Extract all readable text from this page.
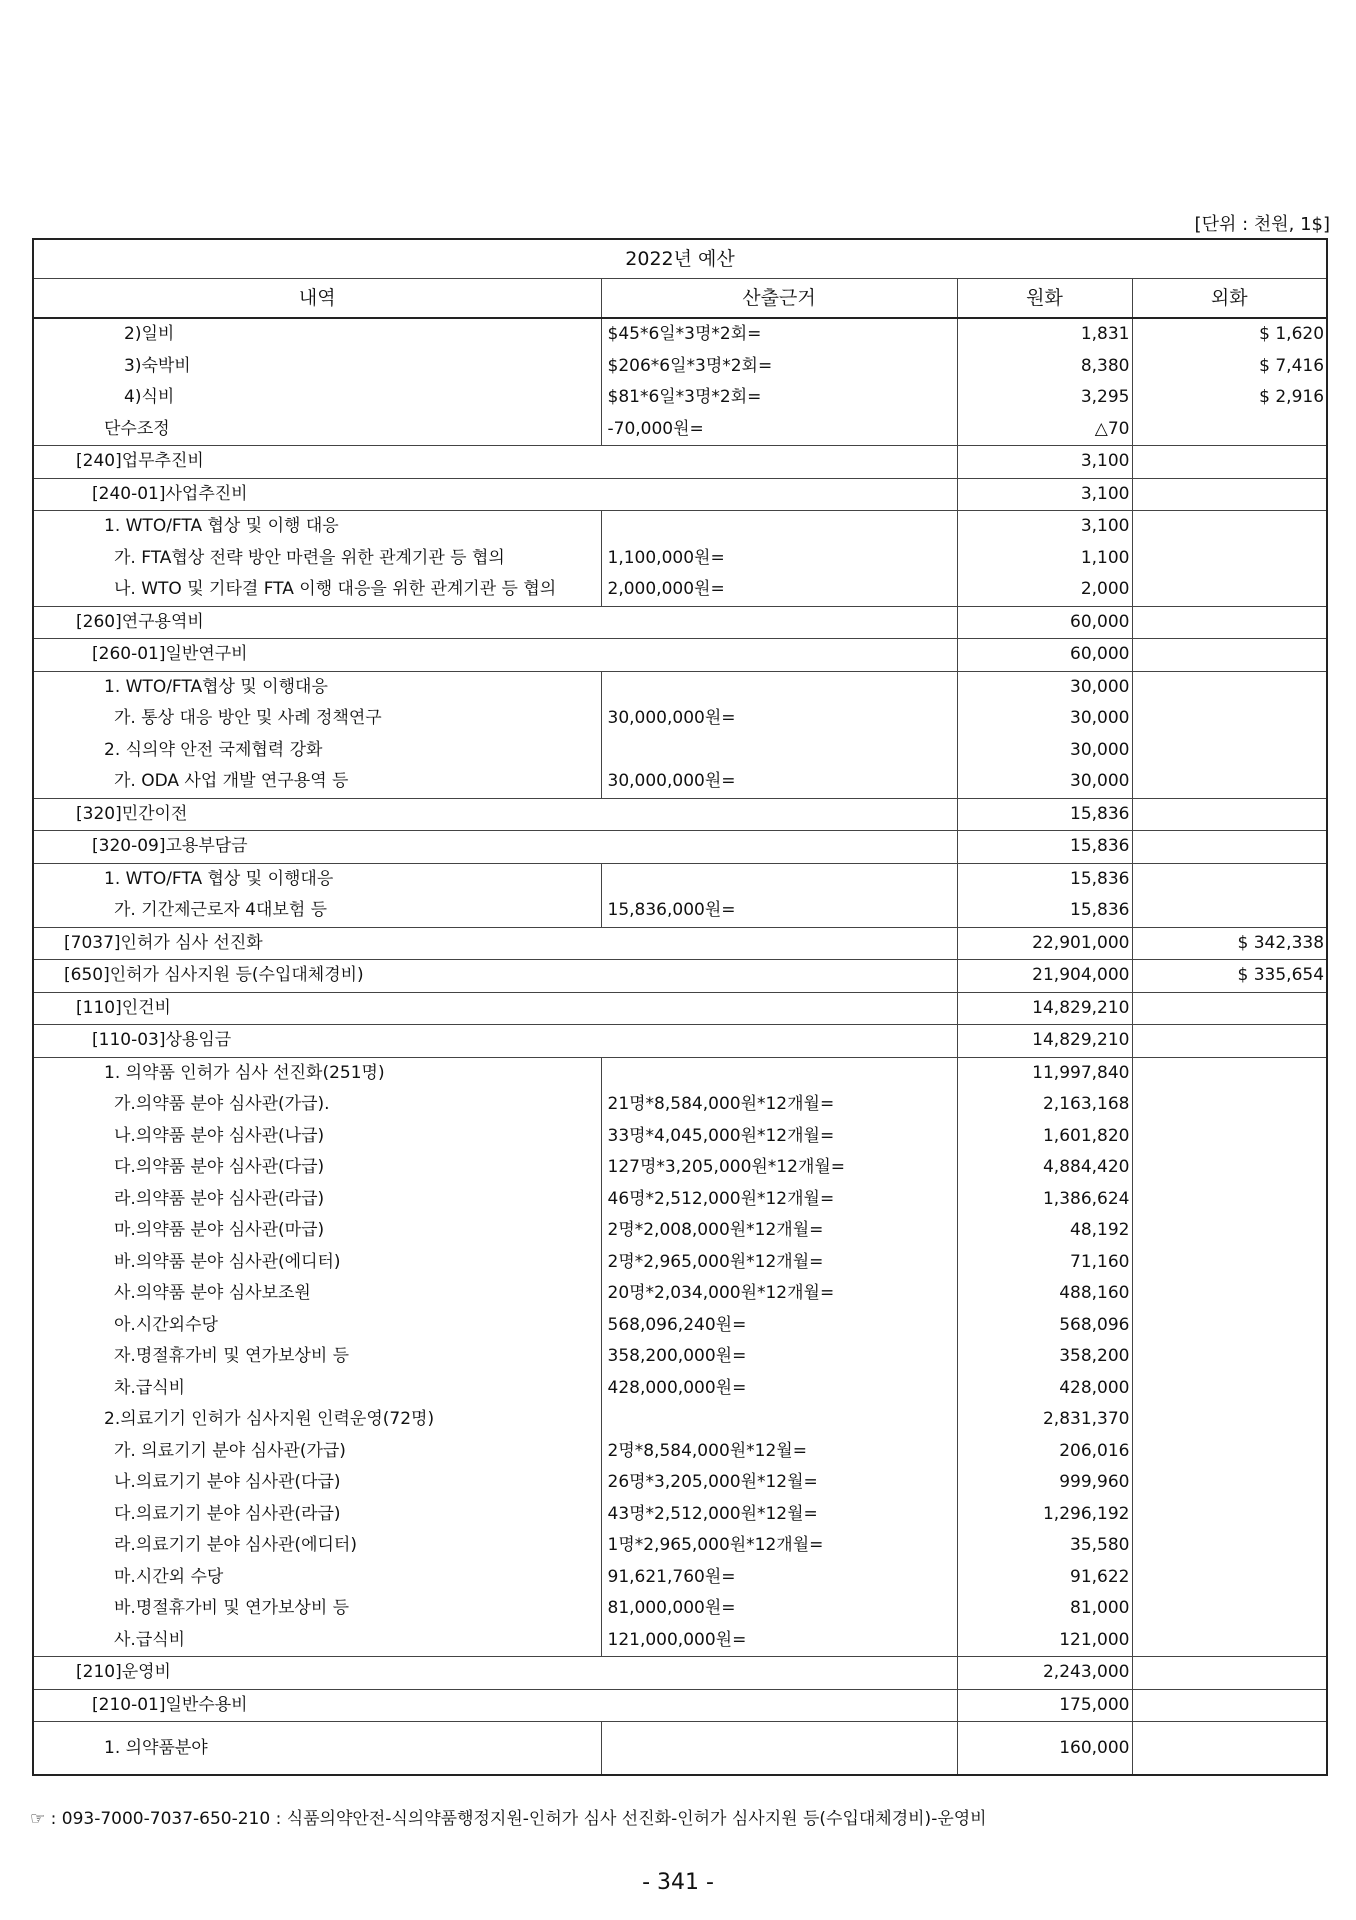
[단위 : 천원, 1$]
2022년 예산			
내역	산출근거	원화	외화
2)일비	$45*6일*3명*2회=	1,831	$ 1,620
3)숙박비	$206*6일*3명*2회=	8,380	$ 7,416
4)식비	$81*6일*3명*2회=	3,295	$ 2,916
단수조정	-70,000원=	△70	
[240]업무추진비		3,100	
[240-01]사업추진비		3,100	
1. WTO/FTA 협상 및 이행 대응		3,100	
가. FTA협상 전략 방안 마련을 위한 관계기관 등 협의	1,100,000원=	1,100	
나. WTO 및 기타결 FTA 이행 대응을 위한 관계기관 등 협의	2,000,000원=	2,000	
[260]연구용역비		60,000	
[260-01]일반연구비		60,000	
1. WTO/FTA협상 및 이행대응		30,000	
가. 통상 대응 방안 및 사례 정책연구	30,000,000원=	30,000	
2. 식의약 안전 국제협력 강화		30,000	
가. ODA 사업 개발 연구용역 등	30,000,000원=	30,000	
[320]민간이전		15,836	
[320-09]고용부담금		15,836	
1. WTO/FTA 협상 및 이행대응		15,836	
가. 기간제근로자 4대보험 등	15,836,000원=	15,836	
[7037]인허가 심사 선진화		22,901,000	$ 342,338
[650]인허가 심사지원 등(수입대체경비)		21,904,000	$ 335,654
[110]인건비		14,829,210	
[110-03]상용임금		14,829,210	
1. 의약품 인허가 심사 선진화(251명)		11,997,840	
가.의약품 분야 심사관(가급).	21명*8,584,000원*12개월=	2,163,168	
나.의약품 분야 심사관(나급)	33명*4,045,000원*12개월=	1,601,820	
다.의약품 분야 심사관(다급)	127명*3,205,000원*12개월=	4,884,420	
라.의약품 분야 심사관(라급)	46명*2,512,000원*12개월=	1,386,624	
마.의약품 분야 심사관(마급)	2명*2,008,000원*12개월=	48,192	
바.의약품 분야 심사관(에디터)	2명*2,965,000원*12개월=	71,160	
사.의약품 분야 심사보조원	20명*2,034,000원*12개월=	488,160	
아.시간외수당	568,096,240원=	568,096	
자.명절휴가비 및 연가보상비 등	358,200,000원=	358,200	
차.급식비	428,000,000원=	428,000	
2.의료기기 인허가 심사지원 인력운영(72명)		2,831,370	
가. 의료기기 분야 심사관(가급)	2명*8,584,000원*12월=	206,016	
나.의료기기 분야 심사관(다급)	26명*3,205,000원*12월=	999,960	
다.의료기기 분야 심사관(라급)	43명*2,512,000원*12월=	1,296,192	
라.의료기기 분야 심사관(에디터)	1명*2,965,000원*12개월=	35,580	
마.시간외 수당	91,621,760원=	91,622	
바.명절휴가비 및 연가보상비 등	81,000,000원=	81,000	
사.급식비	121,000,000원=	121,000	
[210]운영비		2,243,000	
[210-01]일반수용비		175,000	
1. 의약품분야		160,000	
☞ : 093-7000-7037-650-210 : 식품의약안전-식의약품행정지원-인허가 심사 선진화-인허가 심사지원 등(수입대체경비)-운영비
- 341 -
